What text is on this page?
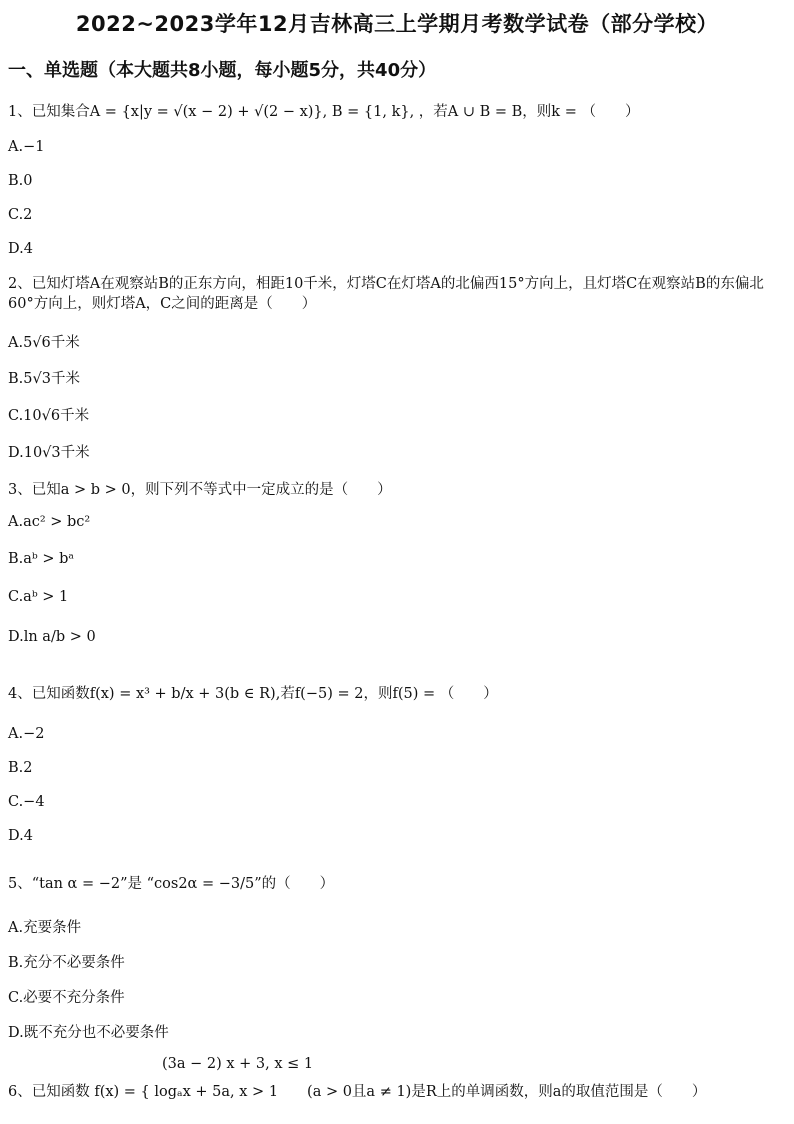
2022~2023学年12月吉林高三上学期月考数学试卷（部分学校）
一、单选题（本大题共8小题，每小题5分，共40分）
1、已知集合A = {x|y = √(x − 2) + √(2 − x)}, B = {1, k}, ，若A ∪ B = B，则k = （　　）
A.−1
B.0
C.2
D.4
2、已知灯塔A在观察站B的正东方向，相距10千米，灯塔C在灯塔A的北偏西15°方向上，且灯塔C在观察站B的东偏北60°方向上，则灯塔A，C之间的距离是（　　）
A.5√6千米
B.5√3千米
C.10√6千米
D.10√3千米
3、已知a > b > 0，则下列不等式中一定成立的是（　　）
A.ac² > bc²
B.aᵇ > bᵃ
C.aᵇ > 1
D.ln a/b > 0
4、已知函数f(x) = x³ + b/x + 3(b ∈ R),若f(−5) = 2，则f(5) = （　　）
A.−2
B.2
C.−4
D.4
5、“tan α = −2”是 “cos2α = −3/5”的（　　）
A.充要条件
B.充分不必要条件
C.必要不充分条件
D.既不充分也不必要条件
(3a − 2) x + 3, x ≤ 1
6、已知函数 f(x) = { logₐx + 5a, x > 1　　(a > 0且a ≠ 1)是R上的单调函数，则a的取值范围是（　　）
